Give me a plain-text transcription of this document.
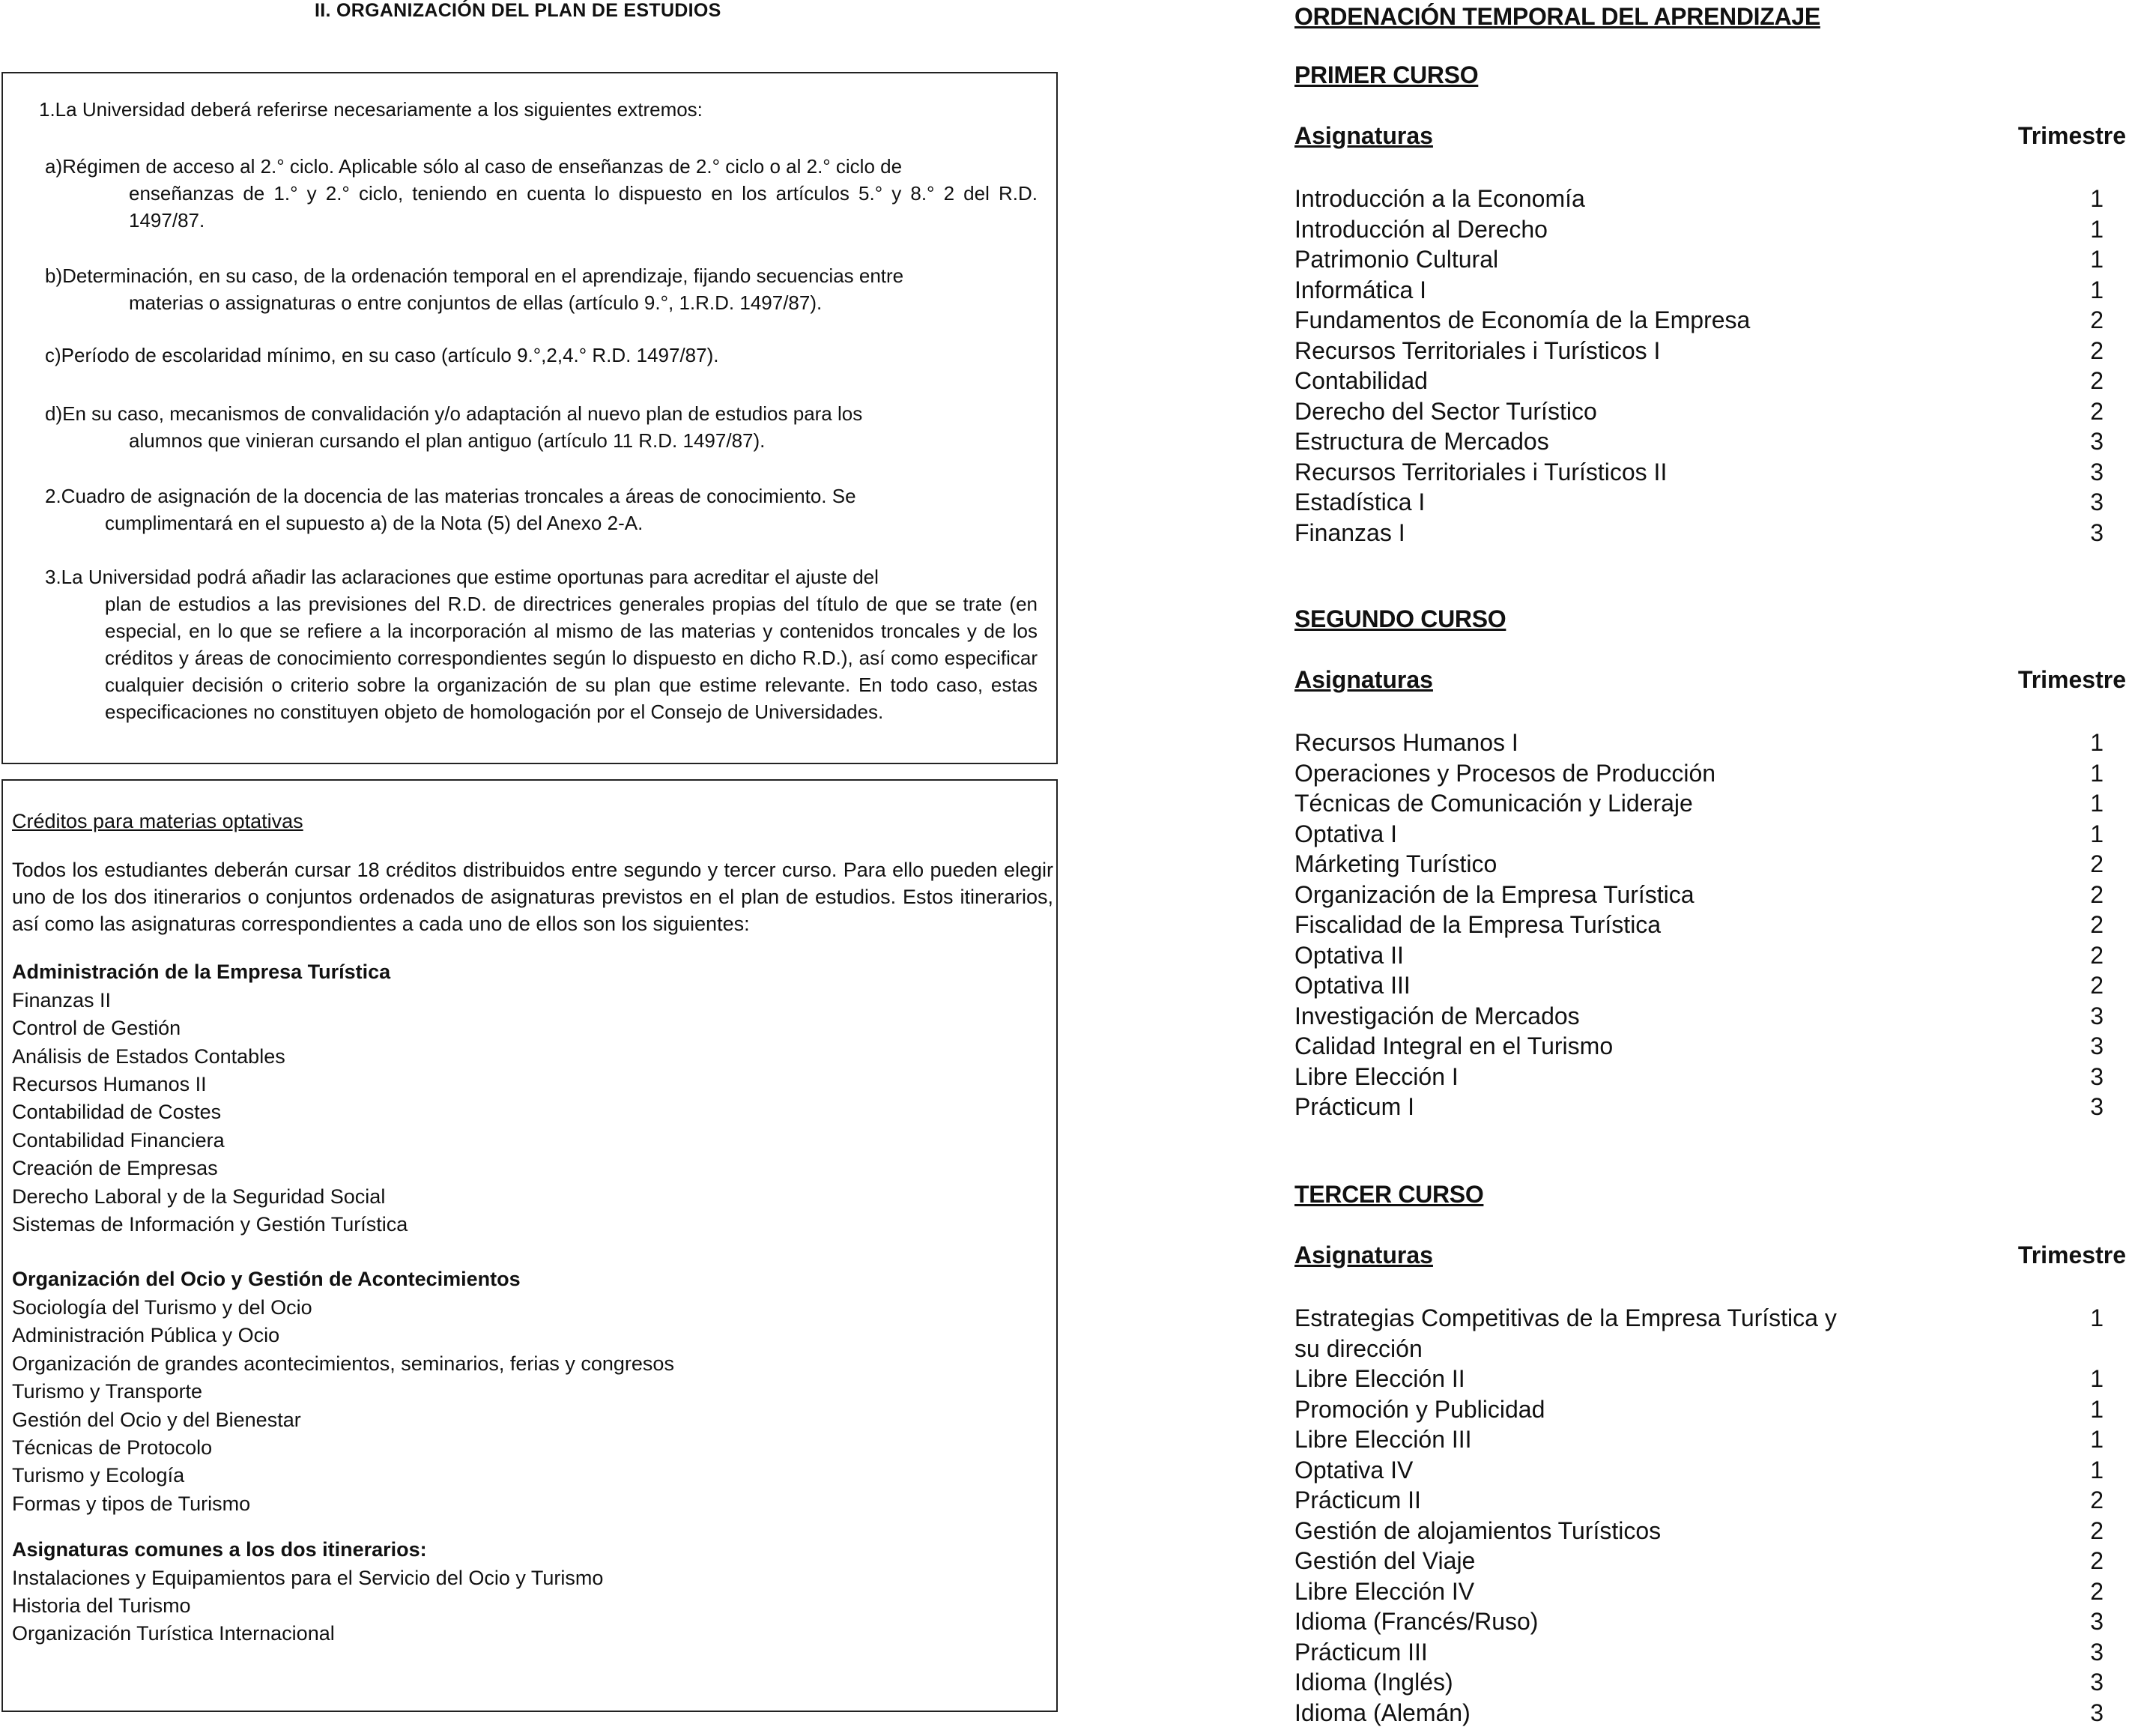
II. ORGANIZACIÓN DEL PLAN DE ESTUDIOS
1.La Universidad deberá referirse necesariamente a los siguientes extremos:
a)Régimen de acceso al 2.° ciclo. Aplicable sólo al caso de enseñanzas de 2.° ciclo o al 2.° ciclo de
enseñanzas de 1.° y 2.° ciclo, teniendo en cuenta lo dispuesto en los artículos 5.° y 8.° 2 del R.D. 1497/87.
b)Determinación, en su caso, de la ordenación temporal en el aprendizaje, fijando secuencias entre
materias o assignaturas o entre conjuntos de ellas (artículo 9.°, 1.R.D. 1497/87).
c)Período de escolaridad mínimo, en su caso (artículo 9.°,2,4.° R.D. 1497/87).
d)En su caso, mecanismos de convalidación y/o adaptación al nuevo plan de estudios para los
alumnos que vinieran cursando el plan antiguo (artículo 11 R.D. 1497/87).
2.Cuadro de asignación de la docencia de las materias troncales a áreas de conocimiento. Se
cumplimentará en el supuesto a) de la Nota (5) del Anexo 2-A.
3.La Universidad podrá añadir las aclaraciones que estime oportunas para acreditar el ajuste del
plan de estudios a las previsiones del R.D. de directrices generales propias del título de que se trate (en especial, en lo que se refiere a la incorporación al mismo de las materias y contenidos troncales y de los créditos y áreas de conocimiento correspondientes según lo dispuesto en dicho R.D.), así como especificar cualquier decisión o criterio sobre la organización de su plan que estime relevante. En todo caso, estas especificaciones no constituyen objeto de homologación por el Consejo de Universidades.
Créditos para materias optativas
Todos los estudiantes deberán cursar 18 créditos distribuidos entre segundo y tercer curso. Para ello pueden elegir uno de los dos itinerarios o conjuntos ordenados de asignaturas previstos en el plan de estudios. Estos itinerarios, así como las asignaturas correspondientes a cada uno de ellos son los siguientes:
Administración de la Empresa Turística
Finanzas II
Control de Gestión
Análisis de Estados Contables
Recursos Humanos II
Contabilidad de Costes
Contabilidad Financiera
Creación de Empresas
Derecho Laboral y de la Seguridad Social
Sistemas de Información y Gestión Turística
Organización del Ocio y Gestión de Acontecimientos
Sociología del Turismo y del Ocio
Administración Pública y Ocio
Organización de grandes acontecimientos, seminarios, ferias y congresos
Turismo y Transporte
Gestión del Ocio y del Bienestar
Técnicas de Protocolo
Turismo y Ecología
Formas y tipos de Turismo
Asignaturas comunes a los dos itinerarios:
Instalaciones y Equipamientos para el Servicio del Ocio y Turismo
Historia del Turismo
Organización Turística Internacional
ORDENACIÓN TEMPORAL DEL APRENDIZAJE
PRIMER CURSO
Asignaturas	Trimestre
Introducción a la Economía	1
Introducción al Derecho	1
Patrimonio Cultural	1
Informática I	1
Fundamentos de Economía de la Empresa	2
Recursos Territoriales i Turísticos I	2
Contabilidad	2
Derecho del Sector Turístico	2
Estructura de Mercados	3
Recursos Territoriales i Turísticos II	3
Estadística I	3
Finanzas I	3
SEGUNDO CURSO
Asignaturas	Trimestre
Recursos Humanos I	1
Operaciones y Procesos de Producción	1
Técnicas de Comunicación y Lideraje	1
Optativa I	1
Márketing Turístico	2
Organización de la Empresa Turística	2
Fiscalidad de la Empresa Turística	2
Optativa II	2
Optativa III	2
Investigación de Mercados	3
Calidad Integral en el Turismo	3
Libre Elección I	3
Prácticum I	3
TERCER CURSO
Asignaturas	Trimestre
Estrategias Competitivas de la Empresa Turística y	1
su dirección
Libre Elección II	1
Promoción y Publicidad	1
Libre Elección III	1
Optativa IV	1
Prácticum II	2
Gestión de alojamientos Turísticos	2
Gestión del Viaje	2
Libre Elección IV	2
Idioma (Francés/Ruso)	3
Prácticum III	3
Idioma (Inglés)	3
Idioma (Alemán)	3
